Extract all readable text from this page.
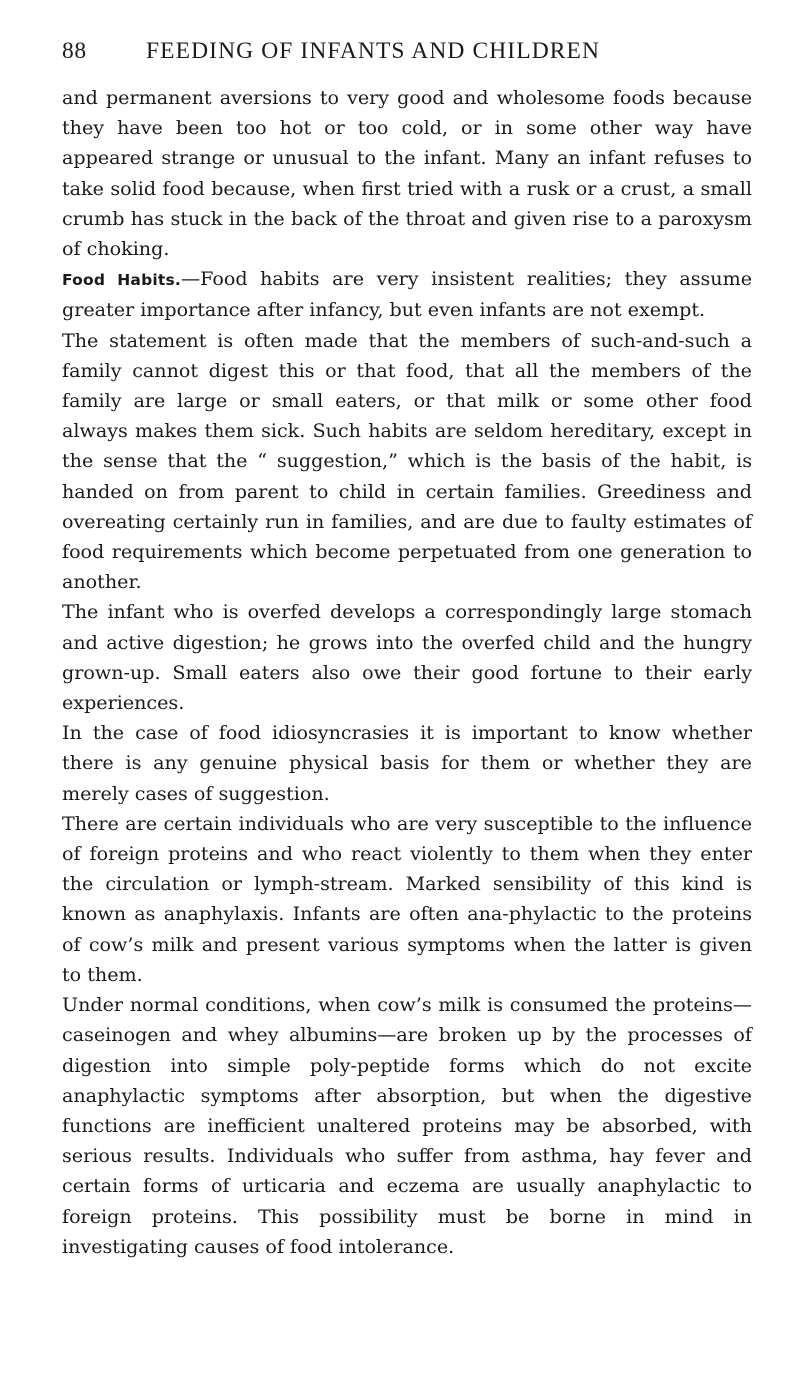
88	FEEDING OF INFANTS AND CHILDREN

and permanent aversions to very good and wholesome foods because they have been too hot or too cold, or in some other way have appeared strange or unusual to the infant. Many an infant refuses to take solid food because, when first tried with a rusk or a crust, a small crumb has stuck in the back of the throat and given rise to a paroxysm of choking.

Food Habits.—Food habits are very insistent realities; they assume greater importance after infancy, but even infants are not exempt.

The statement is often made that the members of such-and-such a family cannot digest this or that food, that all the members of the family are large or small eaters, or that milk or some other food always makes them sick. Such habits are seldom hereditary, except in the sense that the “ suggestion,” which is the basis of the habit, is handed on from parent to child in certain families. Greediness and overeating certainly run in families, and are due to faulty estimates of food requirements which become perpetuated from one generation to another.

The infant who is overfed develops a correspondingly large stomach and active digestion; he grows into the overfed child and the hungry grown-up. Small eaters also owe their good fortune to their early experiences.

In the case of food idiosyncrasies it is important to know whether there is any genuine physical basis for them or whether they are merely cases of suggestion.

There are certain individuals who are very susceptible to the influence of foreign proteins and who react violently to them when they enter the circulation or lymph-stream. Marked sensibility of this kind is known as anaphylaxis. Infants are often ana-phylactic to the proteins of cow’s milk and present various symptoms when the latter is given to them.

Under normal conditions, when cow’s milk is consumed the proteins—caseinogen and whey albumins—are broken up by the processes of digestion into simple poly-peptide forms which do not excite anaphylactic symptoms after absorption, but when the digestive functions are inefficient unaltered proteins may be absorbed, with serious results. Individuals who suffer from asthma, hay fever and certain forms of urticaria and eczema are usually anaphylactic to foreign proteins. This possibility must be borne in mind in investigating causes of food intolerance.
